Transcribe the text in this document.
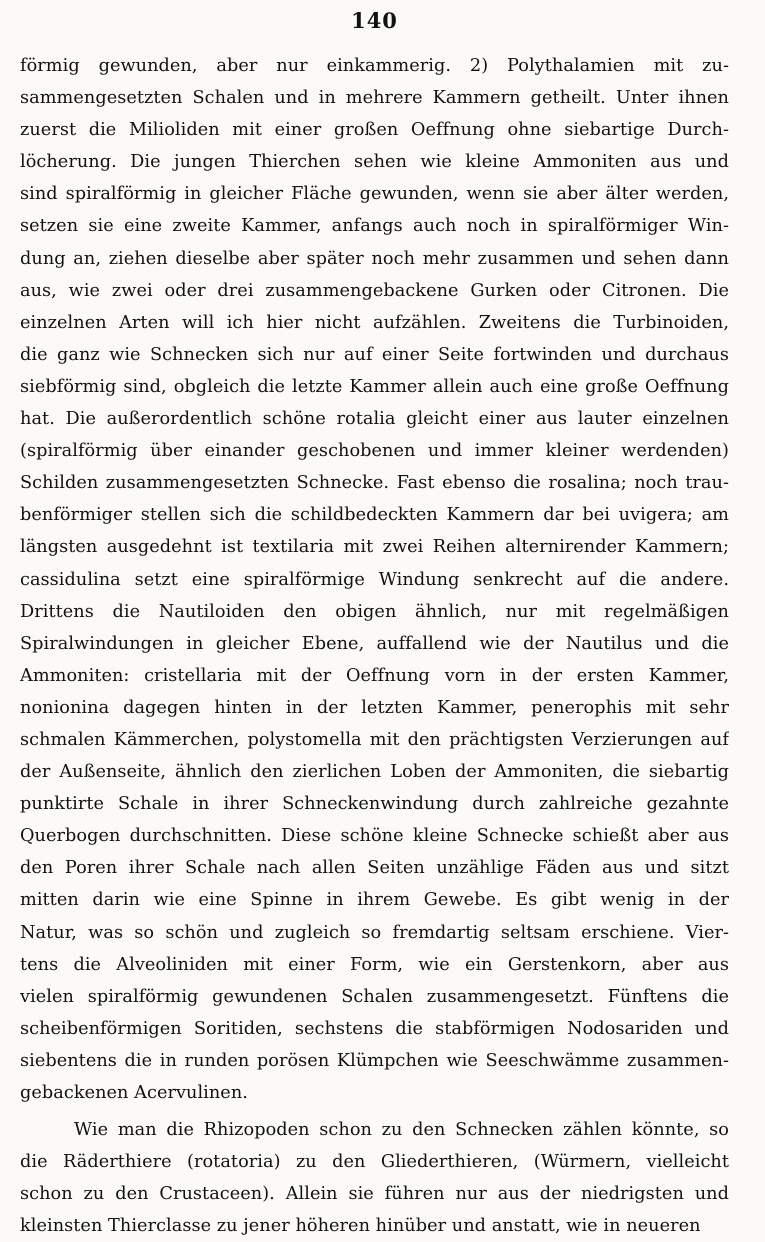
140
förmig gewunden, aber nur einkammerig. 2) Polythalamien mit zu-
sammengesetzten Schalen und in mehrere Kammern getheilt. Unter ihnen
zuerst die Milioliden mit einer großen Oeffnung ohne siebartige Durch-
löcherung. Die jungen Thierchen sehen wie kleine Ammoniten aus und
sind spiralförmig in gleicher Fläche gewunden, wenn sie aber älter werden,
setzen sie eine zweite Kammer, anfangs auch noch in spiralförmiger Win-
dung an, ziehen dieselbe aber später noch mehr zusammen und sehen dann
aus, wie zwei oder drei zusammengebackene Gurken oder Citronen. Die
einzelnen Arten will ich hier nicht aufzählen. Zweitens die Turbinoiden,
die ganz wie Schnecken sich nur auf einer Seite fortwinden und durchaus
siebförmig sind, obgleich die letzte Kammer allein auch eine große Oeffnung
hat. Die außerordentlich schöne rotalia gleicht einer aus lauter einzelnen
(spiralförmig über einander geschobenen und immer kleiner werdenden)
Schilden zusammengesetzten Schnecke. Fast ebenso die rosalina; noch trau-
benförmiger stellen sich die schildbedeckten Kammern dar bei uvigera; am
längsten ausgedehnt ist textilaria mit zwei Reihen alternirender Kammern;
cassidulina setzt eine spiralförmige Windung senkrecht auf die andere.
Drittens die Nautiloiden den obigen ähnlich, nur mit regelmäßigen
Spiralwindungen in gleicher Ebene, auffallend wie der Nautilus und die
Ammoniten: cristellaria mit der Oeffnung vorn in der ersten Kammer,
nonionina dagegen hinten in der letzten Kammer, penerophis mit sehr
schmalen Kämmerchen, polystomella mit den prächtigsten Verzierungen auf
der Außenseite, ähnlich den zierlichen Loben der Ammoniten, die siebartig
punktirte Schale in ihrer Schneckenwindung durch zahlreiche gezahnte
Querbogen durchschnitten. Diese schöne kleine Schnecke schießt aber aus
den Poren ihrer Schale nach allen Seiten unzählige Fäden aus und sitzt
mitten darin wie eine Spinne in ihrem Gewebe. Es gibt wenig in der
Natur, was so schön und zugleich so fremdartig seltsam erschiene. Vier-
tens die Alveoliniden mit einer Form, wie ein Gerstenkorn, aber aus
vielen spiralförmig gewundenen Schalen zusammengesetzt. Fünftens die
scheibenförmigen Soritiden, sechstens die stabförmigen Nodosariden und
siebentens die in runden porösen Klümpchen wie Seeschwämme zusammen-
gebackenen Acervulinen.
Wie man die Rhizopoden schon zu den Schnecken zählen könnte, so
die Räderthiere (rotatoria) zu den Gliederthieren, (Würmern, vielleicht
schon zu den Crustaceen). Allein sie führen nur aus der niedrigsten und
kleinsten Thierclasse zu jener höheren hinüber und anstatt, wie in neueren
